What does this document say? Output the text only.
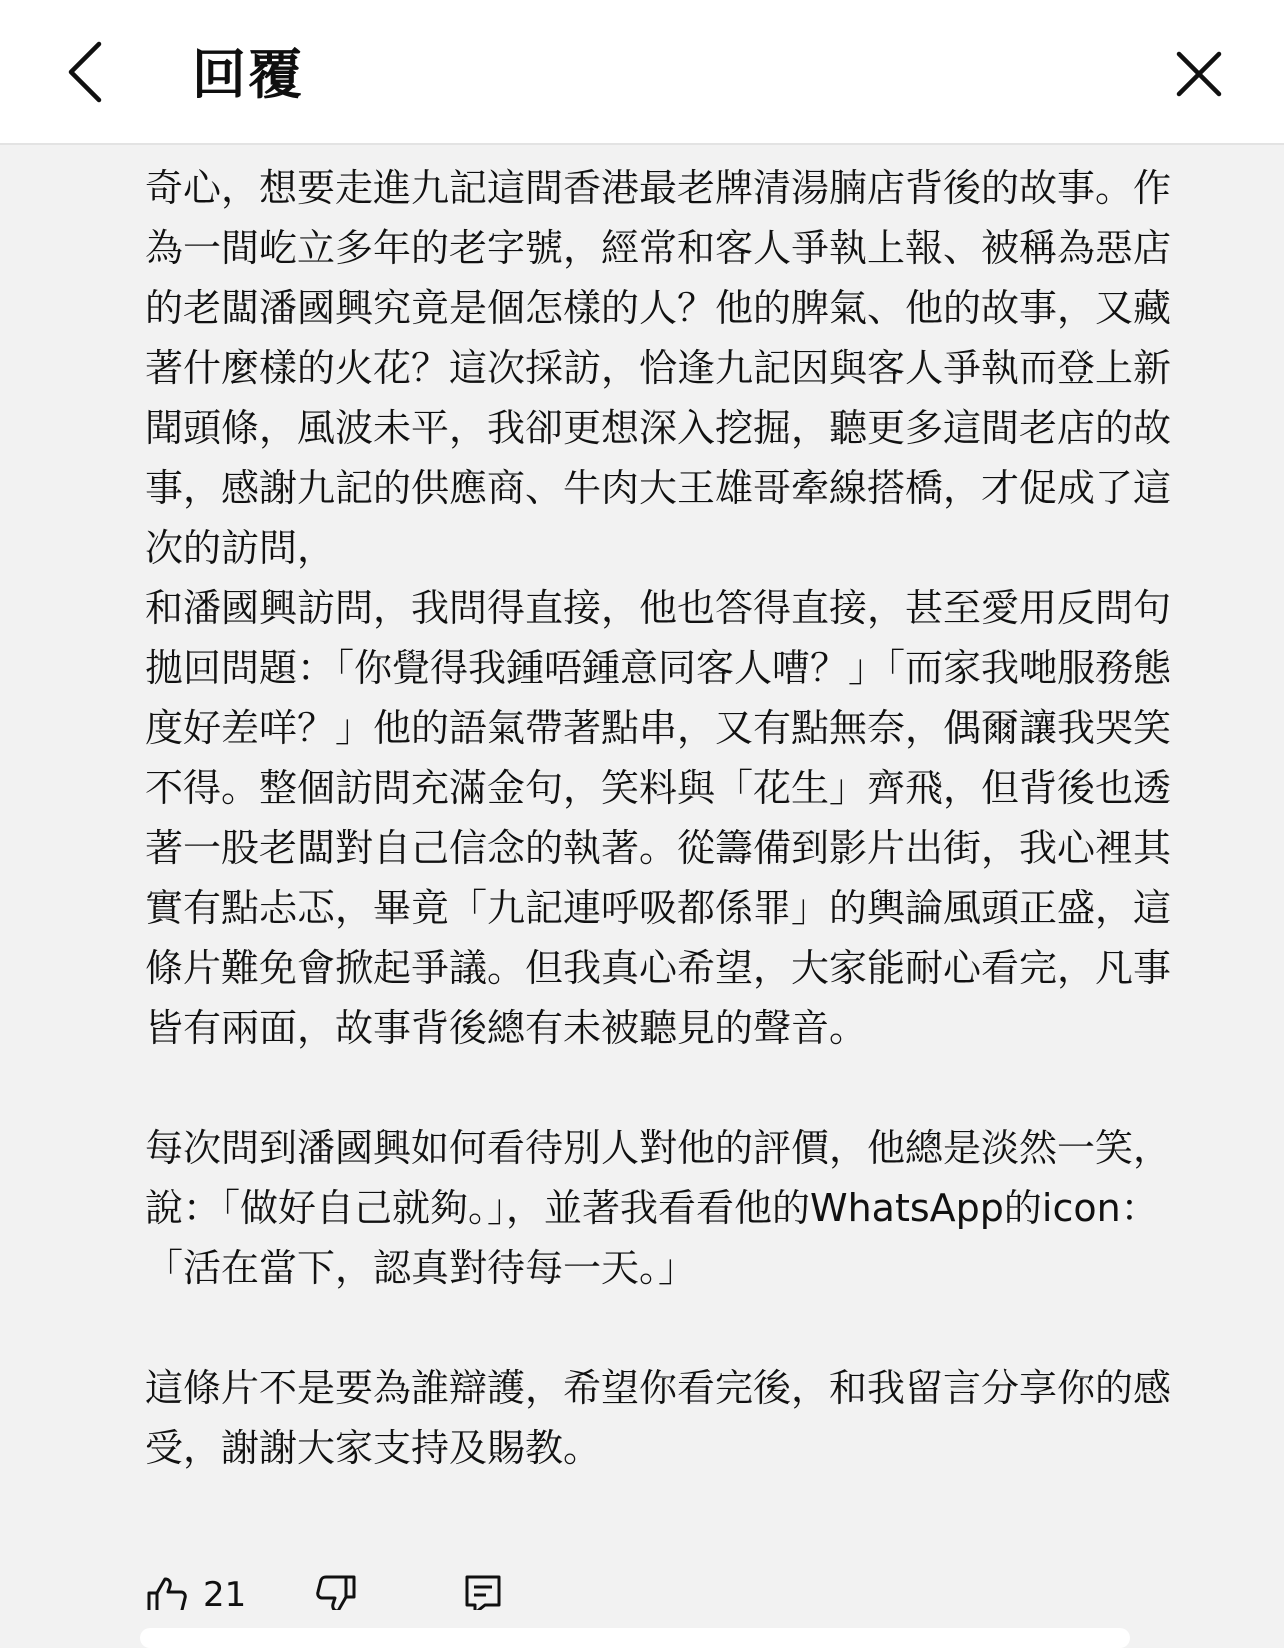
回覆

奇心，想要走進九記這間香港最老牌清湯腩店背後的故事。作為一間屹立多年的老字號，經常和客人爭執上報、被稱為惡店的老闆潘國興究竟是個怎樣的人？他的脾氣、他的故事，又藏著什麼樣的火花？這次採訪，恰逢九記因與客人爭執而登上新聞頭條，風波未平，我卻更想深入挖掘，聽更多這間老店的故事，感謝九記的供應商、牛肉大王雄哥牽線搭橋，才促成了這次的訪問，

和潘國興訪問，我問得直接，他也答得直接，甚至愛用反問句拋回問題：「你覺得我鍾唔鍾意同客人嘈？」「而家我哋服務態度好差咩？」他的語氣帶著點串，又有點無奈，偶爾讓我哭笑不得。整個訪問充滿金句，笑料與「花生」齊飛，但背後也透著一股老闆對自己信念的執著。從籌備到影片出街，我心裡其實有點忐忑，畢竟「九記連呼吸都係罪」的輿論風頭正盛，這條片難免會掀起爭議。但我真心希望，大家能耐心看完，凡事皆有兩面，故事背後總有未被聽見的聲音。

每次問到潘國興如何看待別人對他的評價，他總是淡然一笑，說：「做好自己就夠。」，並著我看看他的WhatsApp的icon：「活在當下，認真對待每一天。」

這條片不是要為誰辯護，希望你看完後，和我留言分享你的感受，謝謝大家支持及賜教。

21
